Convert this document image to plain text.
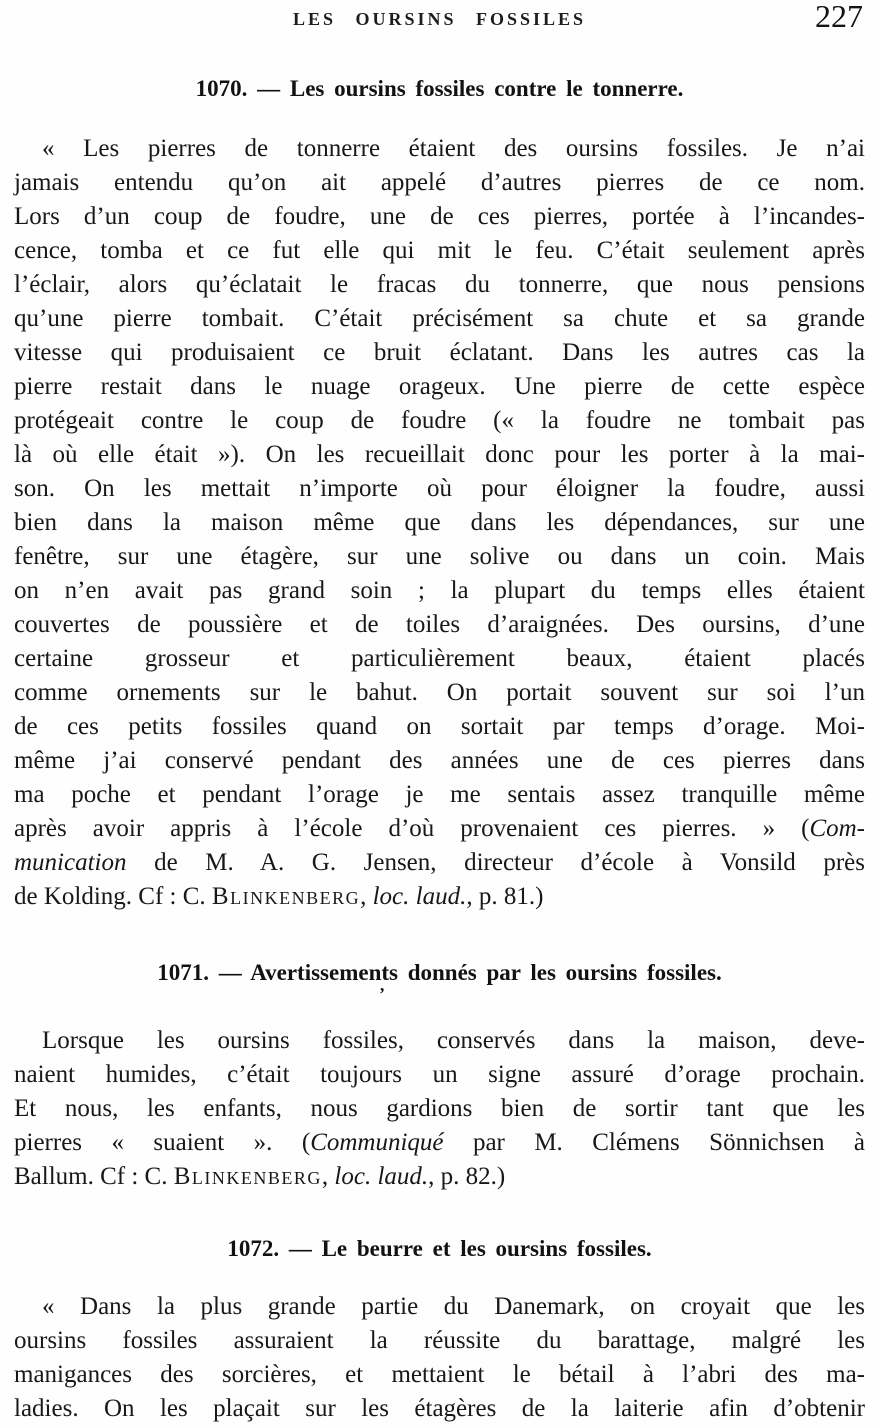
LES OURSINS FOSSILES	227
1070. — Les oursins fossiles contre le tonnerre.
« Les pierres de tonnerre étaient des oursins fossiles. Je n’ai
jamais entendu qu’on ait appelé d’autres pierres de ce nom.
Lors d’un coup de foudre, une de ces pierres, portée à l’incandes-
cence, tomba et ce fut elle qui mit le feu. C’était seulement après
l’éclair, alors qu’éclatait le fracas du tonnerre, que nous pensions
qu’une pierre tombait. C’était précisément sa chute et sa grande
vitesse qui produisaient ce bruit éclatant. Dans les autres cas la
pierre restait dans le nuage orageux. Une pierre de cette espèce
protégeait contre le coup de foudre (« la foudre ne tombait pas
là où elle était »). On les recueillait donc pour les porter à la mai-
son. On les mettait n’importe où pour éloigner la foudre, aussi
bien dans la maison même que dans les dépendances, sur une
fenêtre, sur une étagère, sur une solive ou dans un coin. Mais
on n’en avait pas grand soin ; la plupart du temps elles étaient
couvertes de poussière et de toiles d’araignées. Des oursins, d’une
certaine grosseur et particulièrement beaux, étaient placés
comme ornements sur le bahut. On portait souvent sur soi l’un
de ces petits fossiles quand on sortait par temps d’orage. Moi-
même j’ai conservé pendant des années une de ces pierres dans
ma poche et pendant l’orage je me sentais assez tranquille même
après avoir appris à l’école d’où provenaient ces pierres. » (Com-
munication de M. A. G. Jensen, directeur d’école à Vonsild près
de Kolding. Cf : C. Blinkenberg, loc. laud., p. 81.)
1071. — Avertissements donnés par les oursins fossiles.
Lorsque les oursins fossiles, conservés dans la maison, deve-
naient humides, c’était toujours un signe assuré d’orage prochain.
Et nous, les enfants, nous gardions bien de sortir tant que les
pierres « suaient ». (Communiqué par M. Clémens Sönnichsen à
Ballum. Cf : C. Blinkenberg, loc. laud., p. 82.)
1072. — Le beurre et les oursins fossiles.
« Dans la plus grande partie du Danemark, on croyait que les
oursins fossiles assuraient la réussite du barattage, malgré les
manigances des sorcières, et mettaient le bétail à l’abri des ma-
ladies. On les plaçait sur les étagères de la laiterie afin d’obtenir
’
